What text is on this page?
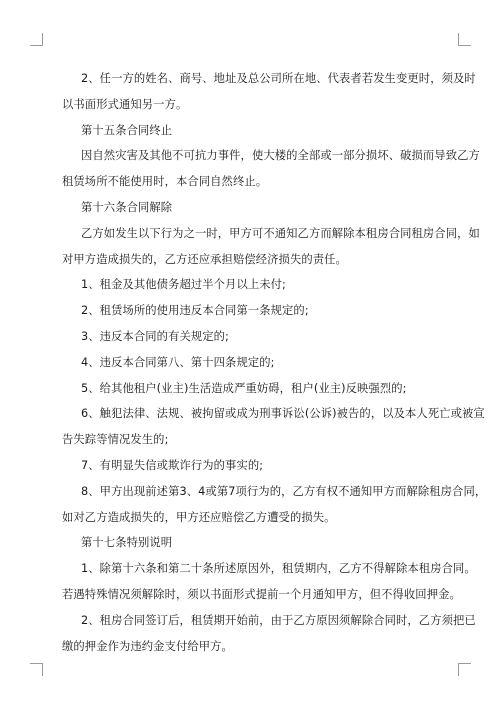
2、任一方的姓名、商号、地址及总公司所在地、代表者若发生变更时，须及时
以书面形式通知另一方。
第十五条合同终止
因自然灾害及其他不可抗力事件，使大楼的全部或一部分损坏、破损而导致乙方
租赁场所不能使用时，本合同自然终止。
第十六条合同解除
乙方如发生以下行为之一时，甲方可不通知乙方而解除本租房合同租房合同，如
对甲方造成损失的，乙方还应承担赔偿经济损失的责任。
1、租金及其他债务超过半个月以上未付;
2、租赁场所的使用违反本合同第一条规定的;
3、违反本合同的有关规定的;
4、违反本合同第八、第十四条规定的;
5、给其他租户(业主)生活造成严重妨碍，租户(业主)反映强烈的;
6、触犯法律、法规、被拘留或成为刑事诉讼(公诉)被告的，以及本人死亡或被宣
告失踪等情况发生的;
7、有明显失信或欺诈行为的事实的;
8、甲方出现前述第3、4或第7项行为的，乙方有权不通知甲方而解除租房合同，
如对乙方造成损失的，甲方还应赔偿乙方遭受的损失。
第十七条特别说明
1、除第十六条和第二十条所述原因外，租赁期内，乙方不得解除本租房合同。
若遇特殊情况须解除时，须以书面形式提前一个月通知甲方，但不得收回押金。
2、租房合同签订后，租赁期开始前，由于乙方原因须解除合同时，乙方须把已
缴的押金作为违约金支付给甲方。
